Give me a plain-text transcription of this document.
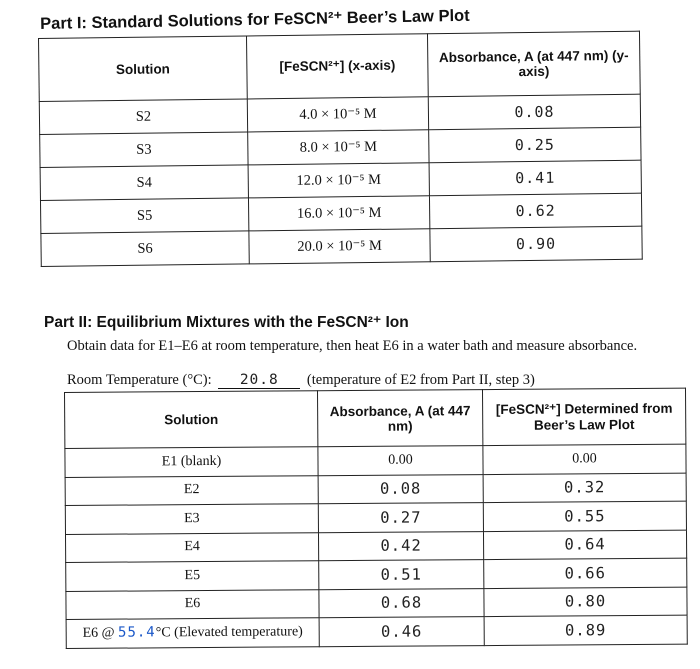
Part I: Standard Solutions for FeSCN²⁺ Beer’s Law Plot
Solution	[FeSCN²⁺] (x-axis)	Absorbance, A (at 447 nm) (y-axis)
S2	4.0 × 10⁻⁵ M	0.08
S3	8.0 × 10⁻⁵ M	0.25
S4	12.0 × 10⁻⁵ M	0.41
S5	16.0 × 10⁻⁵ M	0.62
S6	20.0 × 10⁻⁵ M	0.90
Part II: Equilibrium Mixtures with the FeSCN²⁺ Ion
Obtain data for E1–E6 at room temperature, then heat E6 in a water bath and measure absorbance.
Room Temperature (°C): 20.8 (temperature of E2 from Part II, step 3)
Solution	Absorbance, A (at 447 nm)	[FeSCN²⁺] Determined from Beer’s Law Plot
E1 (blank)	0.00	0.00
E2	0.08	0.32
E3	0.27	0.55
E4	0.42	0.64
E5	0.51	0.66
E6	0.68	0.80
E6 @ 55.4°C (Elevated temperature)	0.46	0.89
